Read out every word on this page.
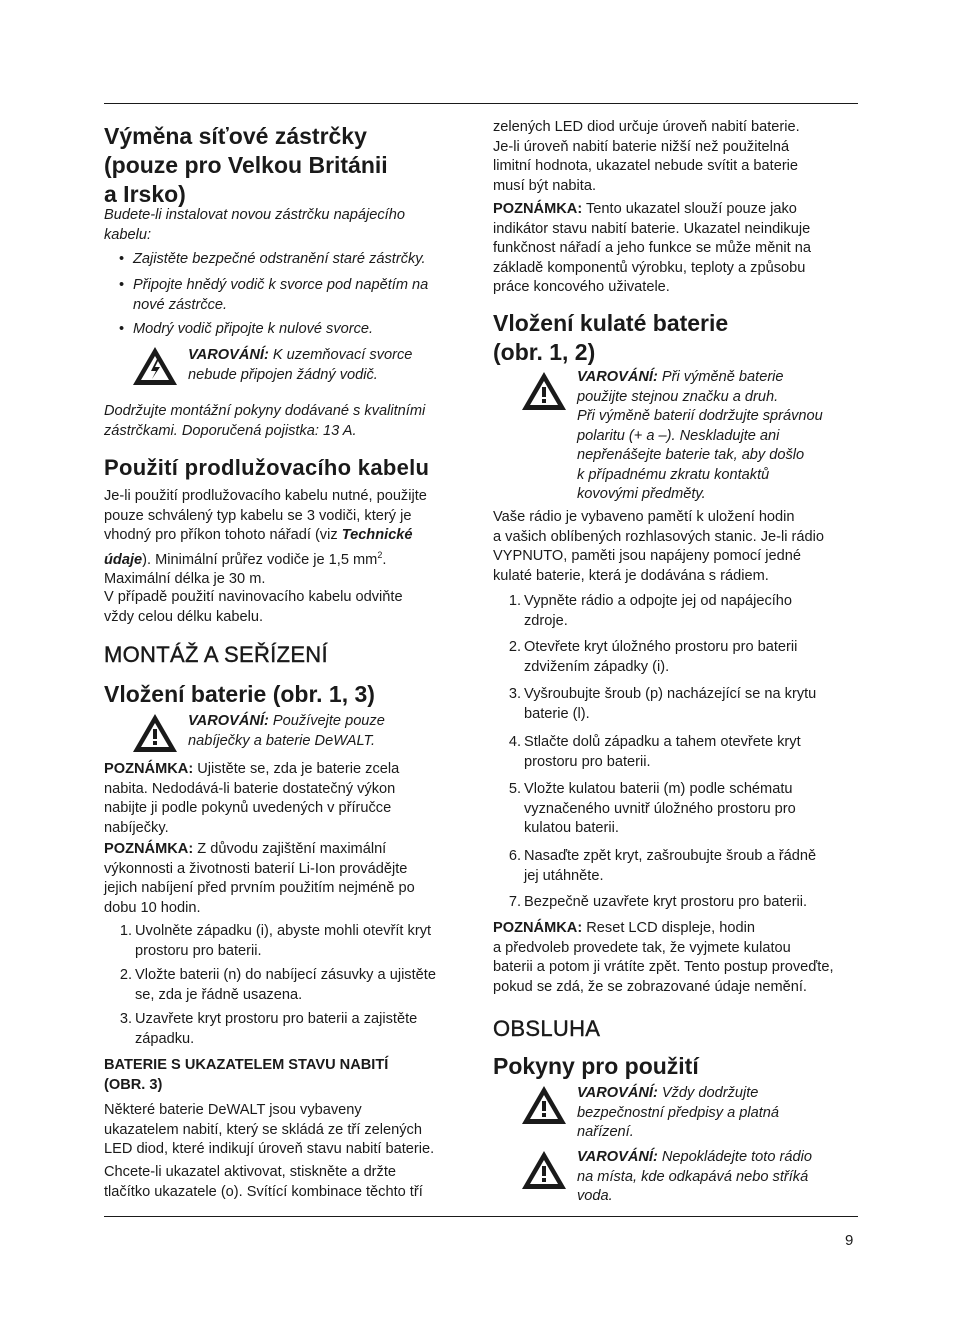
Výměna síťové zástrčky
(pouze pro Velkou Británii
a Irsko)
Budete-li instalovat novou zástrčku napájecího
kabelu:
• Zajistěte bezpečné odstranění staré zástrčky.
• Připojte hnědý vodič k svorce pod napětím na
nové zástrčce.
• Modrý vodič připojte k nulové svorce.
VAROVÁNÍ: K uzemňovací svorce
nebude připojen žádný vodič.
Dodržujte montážní pokyny dodávané s kvalitními
zástrčkami. Doporučená pojistka: 13 A.
Použití prodlužovacího kabelu
Je-li použití prodlužovacího kabelu nutné, použijte
pouze schválený typ kabelu se 3 vodiči, který je
vhodný pro příkon tohoto nářadí (viz Technické
údaje). Minimální průřez vodiče je 1,5 $mm^2$.
Maximální délka je 30 m.
V případě použití navinovacího kabelu odviňte
vždy celou délku kabelu.
MONTÁŽ A SEŘÍZENÍ
Vložení baterie (obr. 1, 3)
VAROVÁNÍ: Používejte pouze
nabíječky a baterie DeWALT.
POZNÁMKA: Ujistěte se, zda je baterie zcela
nabita. Nedodává-li baterie dostatečný výkon
nabijte ji podle pokynů uvedených v příručce
nabíječky.
POZNÁMKA: Z důvodu zajištění maximální
výkonnosti a životnosti baterií Li-Ion provádějte
jejich nabíjení před prvním použitím nejméně po
dobu 10 hodin.
1. Uvolněte západku (i), abyste mohli otevřít kryt
prostoru pro baterii.
2. Vložte baterii (n) do nabíjecí zásuvky a ujistěte
se, zda je řádně usazena.
3. Uzavřete kryt prostoru pro baterii a zajistěte
západku.
BATERIE S UKAZATELEM STAVU NABITÍ
(OBR. 3)
Některé baterie DeWALT jsou vybaveny
ukazatelem nabití, který se skládá ze tří zelených
LED diod, které indikují úroveň stavu nabití baterie.
Chcete-li ukazatel aktivovat, stiskněte a držte
tlačítko ukazatele (o). Svítící kombinace těchto tří
zelených LED diod určuje úroveň nabití baterie.
Je-li úroveň nabití baterie nižší než použitelná
limitní hodnota, ukazatel nebude svítit a baterie
musí být nabita.
POZNÁMKA: Tento ukazatel slouží pouze jako
indikátor stavu nabití baterie. Ukazatel neindikuje
funkčnost nářadí a jeho funkce se může měnit na
základě komponentů výrobku, teploty a způsobu
práce koncového uživatele.
Vložení kulaté baterie
(obr. 1, 2)
VAROVÁNÍ: Při výměně baterie
použijte stejnou značku a druh.
Při výměně baterií dodržujte správnou
polaritu (+ a –). Neskladujte ani
nepřenášejte baterie tak, aby došlo
k případnému zkratu kontaktů
kovovými předměty.
Vaše rádio je vybaveno pamětí k uložení hodin
a vašich oblíbených rozhlasových stanic. Je-li rádio
VYPNUTO, paměti jsou napájeny pomocí jedné
kulaté baterie, která je dodávána s rádiem.
1. Vypněte rádio a odpojte jej od napájecího
zdroje.
2. Otevřete kryt úložného prostoru pro baterii
zdvižením západky (i).
3. Vyšroubujte šroub (p) nacházející se na krytu
baterie (l).
4. Stlačte dolů západku a tahem otevřete kryt
prostoru pro baterii.
5. Vložte kulatou baterii (m) podle schématu
vyznačeného uvnitř úložného prostoru pro
kulatou baterii.
6. Nasaďte zpět kryt, zašroubujte šroub a řádně
jej utáhněte.
7. Bezpečně uzavřete kryt prostoru pro baterii.
POZNÁMKA: Reset LCD displeje, hodin
a předvoleb provedete tak, že vyjmete kulatou
baterii a potom ji vrátíte zpět. Tento postup proveďte,
pokud se zdá, že se zobrazované údaje nemění.
OBSLUHA
Pokyny pro použití
VAROVÁNÍ: Vždy dodržujte
bezpečnostní předpisy a platná
nařízení.
VAROVÁNÍ: Nepokládejte toto rádio
na místa, kde odkapává nebo stříká
voda.
9
